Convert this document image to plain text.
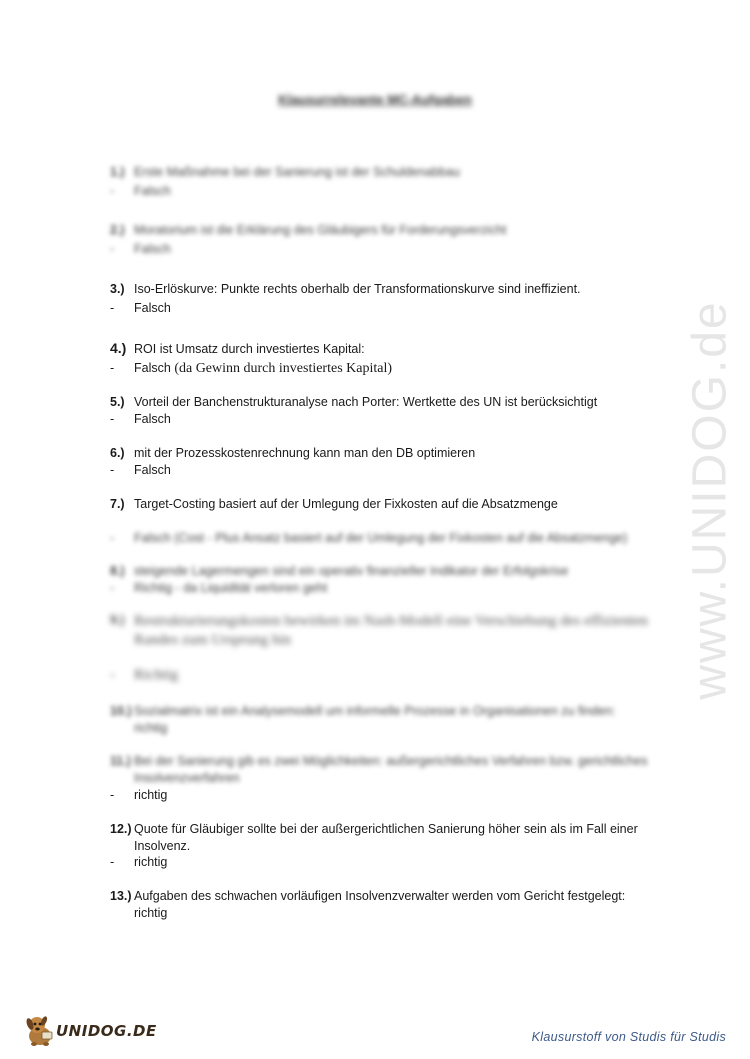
www.UNIDOG.de
Klausurrelevante MC-Aufgaben
1.) Erste Maßnahme bei der Sanierung ist der Schuldenabbau
- Falsch
2.) Moratorium ist die Erklärung des Gläubigers für Forderungsverzicht
- Falsch
3.) Iso-Erlöskurve: Punkte rechts oberhalb der Transformationskurve sind ineffizient.
- Falsch
4.) ROI ist Umsatz durch investiertes Kapital:
- Falsch (da Gewinn durch investiertes Kapital)
5.) Vorteil der Banchenstrukturanalyse nach Porter: Wertkette des UN ist berücksichtigt
- Falsch
6.) mit der Prozesskostenrechnung kann man den DB optimieren
- Falsch
7.) Target-Costing basiert auf der Umlegung der Fixkosten auf die Absatzmenge
- Falsch (Cost - Plus Ansatz basiert auf der Umlegung der Fixkosten auf die Absatzmenge)
8.) steigende Lagermengen sind ein operativ finanzieller Indikator der Erfolgskrise
- Richtig - da Liquidität verloren geht
9.) Restrukturierungskosten bewirken im Nash-Modell eine Verschiebung des effizienten Randes zum Ursprung hin
- Richtig
10.) Sozialmatrix ist ein Analysemodell um informelle Prozesse in Organisationen zu finden:
richtig
11.) Bei der Sanierung gib es zwei Möglichkeiten: außergerichtliches Verfahren bzw. gerichtliches Insolvenzverfahren
- richtig
12.) Quote für Gläubiger sollte bei der außergerichtlichen Sanierung höher sein als im Fall einer Insolvenz.
- richtig
13.) Aufgaben des schwachen vorläufigen Insolvenzverwalter werden vom Gericht festgelegt:
richtig
UNIDOG.DE	Klausurstoff von Studis für Studis
